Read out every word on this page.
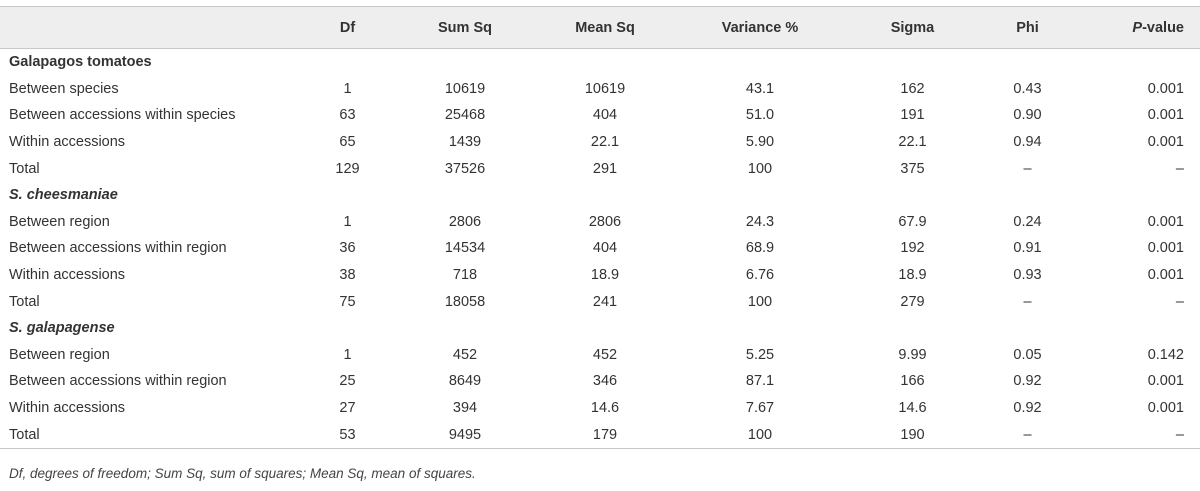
	Df	Sum Sq	Mean Sq	Variance %	Sigma	Phi	P-value
Galapagos tomatoes							
Between species	1	10619	10619	43.1	162	0.43	0.001
Between accessions within species	63	25468	404	51.0	191	0.90	0.001
Within accessions	65	1439	22.1	5.90	22.1	0.94	0.001
Total	129	37526	291	100	375	–	–
S. cheesmaniae							
Between region	1	2806	2806	24.3	67.9	0.24	0.001
Between accessions within region	36	14534	404	68.9	192	0.91	0.001
Within accessions	38	718	18.9	6.76	18.9	0.93	0.001
Total	75	18058	241	100	279	–	–
S. galapagense							
Between region	1	452	452	5.25	9.99	0.05	0.142
Between accessions within region	25	8649	346	87.1	166	0.92	0.001
Within accessions	27	394	14.6	7.67	14.6	0.92	0.001
Total	53	9495	179	100	190	–	–
Df, degrees of freedom; Sum Sq, sum of squares; Mean Sq, mean of squares.
